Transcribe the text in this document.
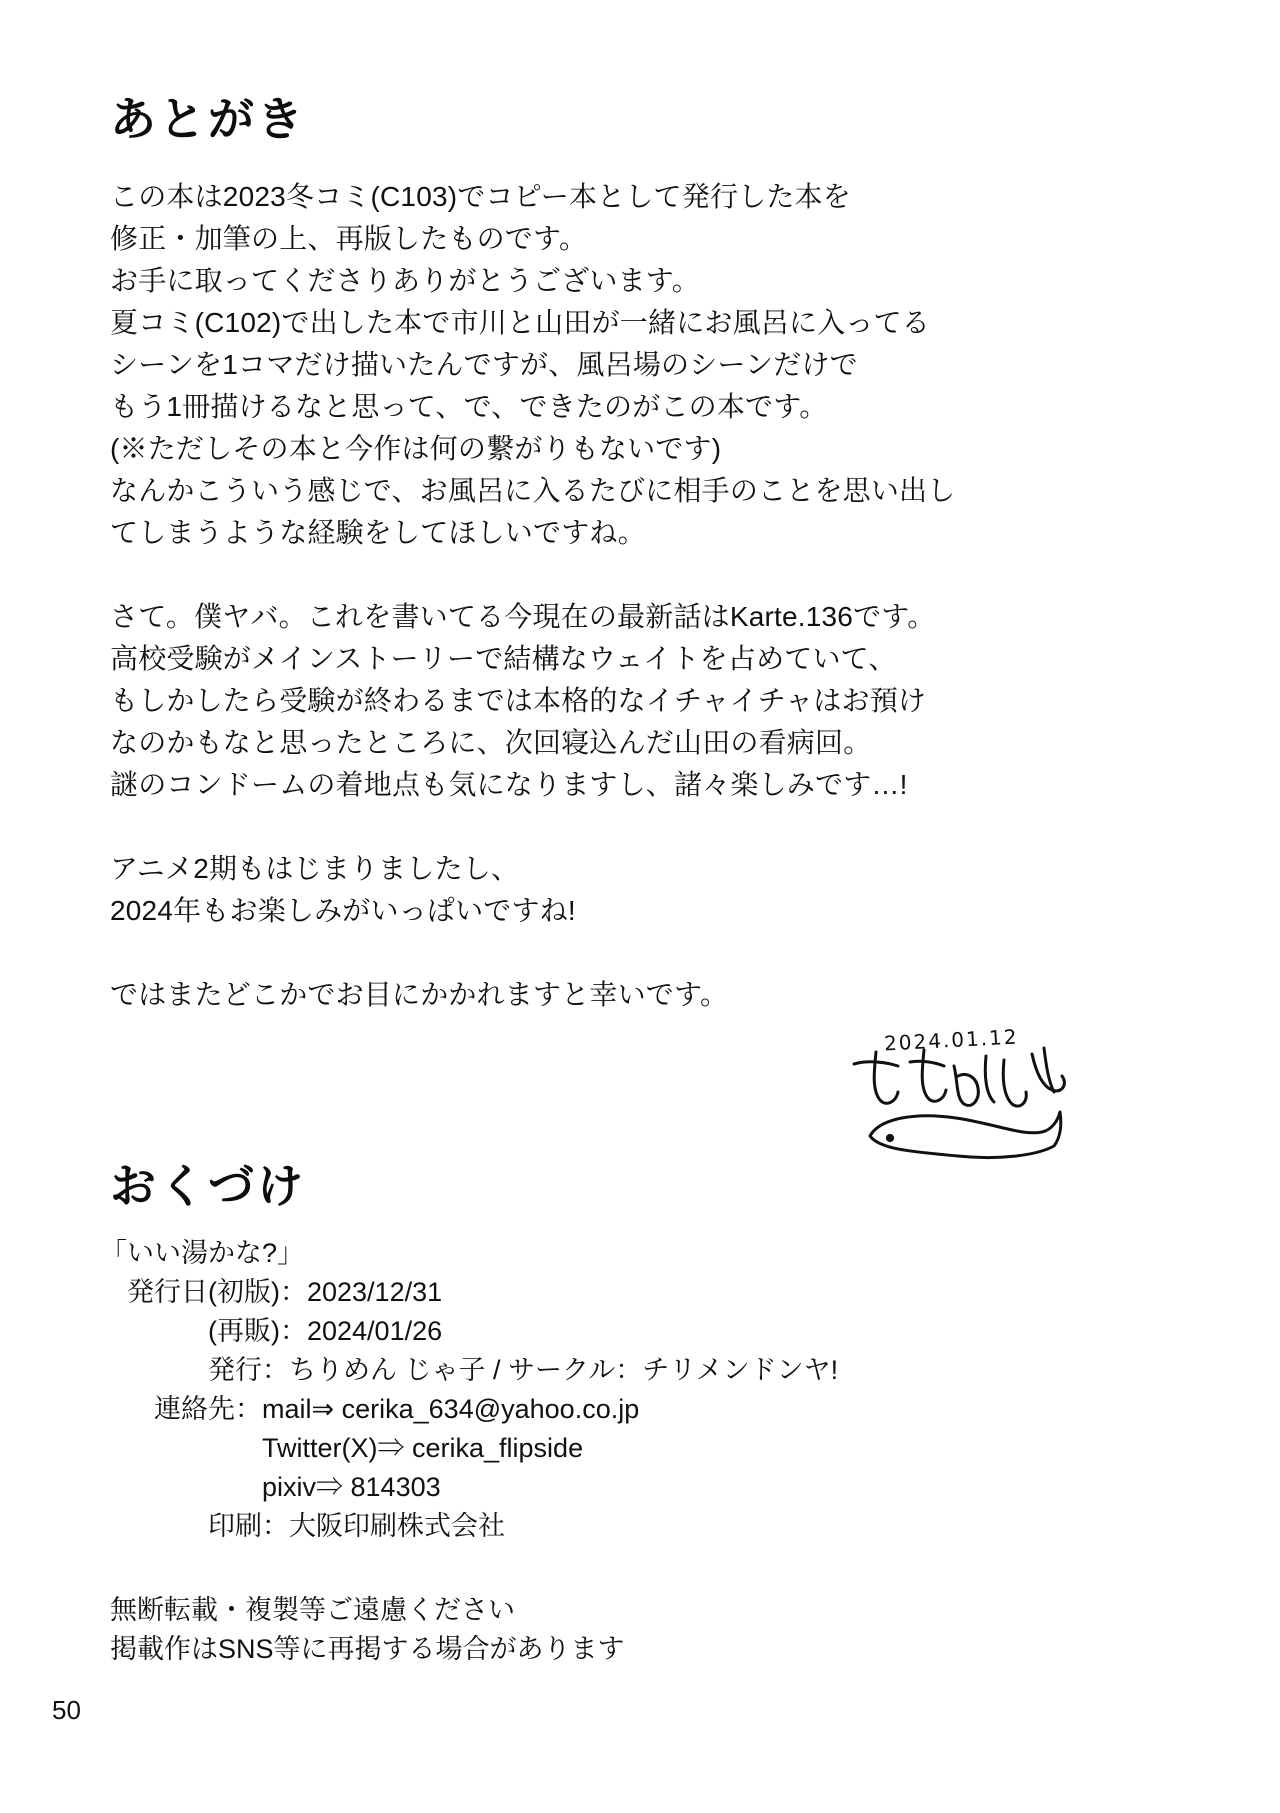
あとがき

この本は2023冬コミ(C103)でコピー本として発行した本を

修正・加筆の上、再版したものです。

お手に取ってくださりありがとうございます。

夏コミ(C102)で出した本で市川と山田が一緒にお風呂に入ってる

シーンを1コマだけ描いたんですが、風呂場のシーンだけで

もう1冊描けるなと思って、で、できたのがこの本です。

(※ただしその本と今作は何の繋がりもないです)

なんかこういう感じで、お風呂に入るたびに相手のことを思い出し

てしまうような経験をしてほしいですね。

さて。僕ヤバ。これを書いてる今現在の最新話はKarte.136です。

高校受験がメインストーリーで結構なウェイトを占めていて、

もしかしたら受験が終わるまでは本格的なイチャイチャはお預け

なのかもなと思ったところに、次回寝込んだ山田の看病回。

謎のコンドームの着地点も気になりますし、諸々楽しみです…!

アニメ2期もはじまりましたし、

2024年もお楽しみがいっぱいですね!

ではまたどこかでお目にかかれますと幸いです。

2024.01.12
おくづけ

「いい湯かな?」

　発行日(初版)：2023/12/31

　　　　(再販)：2024/01/26

　　　　発行：ちりめん じゃ子 / サークル：チリメンドンヤ!

　　連絡先：mail⇒ cerika_634@yahoo.co.jp

　　　　　　Twitter(X)⇒ cerika_flipside

　　　　　　pixiv⇒ 814303

　　　　印刷：大阪印刷株式会社

無断転載・複製等ご遠慮ください

掲載作はSNS等に再掲する場合があります

50
